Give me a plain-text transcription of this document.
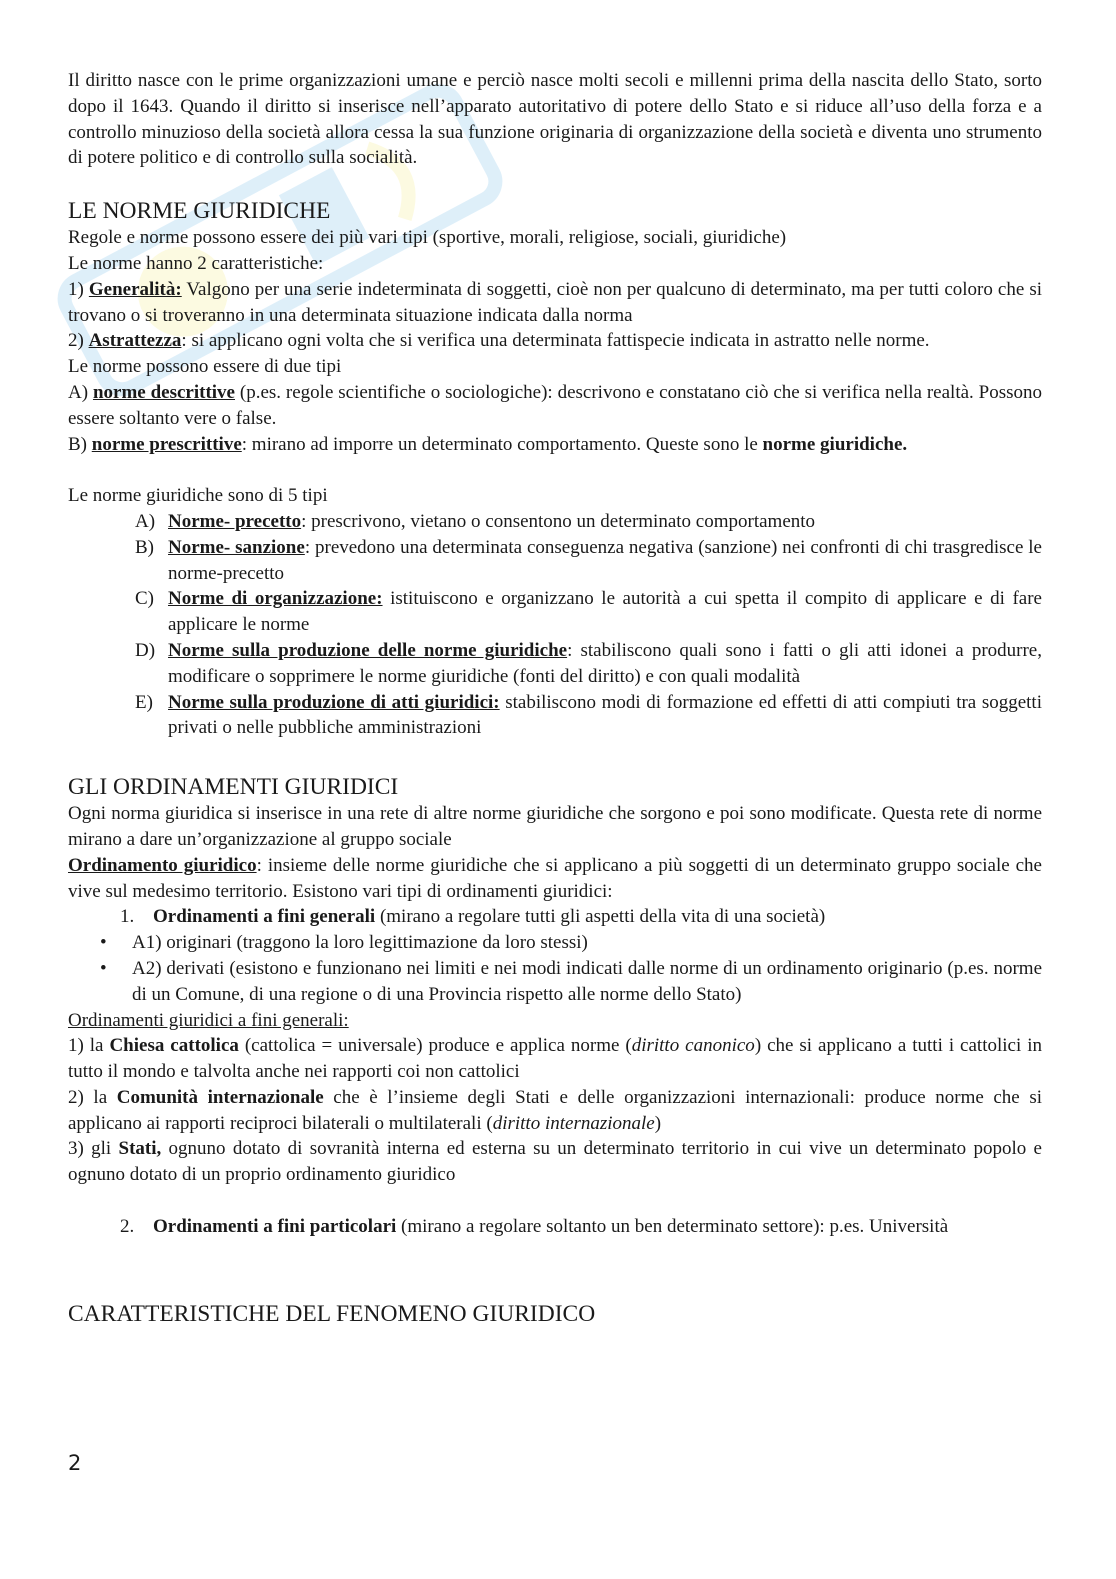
Il diritto nasce con le prime organizzazioni umane e perciò nasce molti secoli e millenni prima della nascita dello Stato, sorto dopo il 1643. Quando il diritto si inserisce nell’apparato autoritativo di potere dello Stato e si riduce all’uso della forza e a controllo minuzioso della società allora cessa la sua funzione originaria di organizzazione della società e diventa uno strumento di potere politico e di controllo sulla socialità.

LE NORME GIURIDICHE
Regole e norme possono essere dei più vari tipi (sportive, morali, religiose, sociali, giuridiche)
Le norme hanno 2 caratteristiche:
1) Generalità: Valgono per una serie indeterminata di soggetti, cioè non per qualcuno di determinato, ma per tutti coloro che si trovano o si troveranno in una determinata situazione indicata dalla norma
2) Astrattezza: si applicano ogni volta che si verifica una determinata fattispecie indicata in astratto nelle norme.
Le norme possono essere di due tipi
A) norme descrittive (p.es. regole scientifiche o sociologiche): descrivono e constatano ciò che si verifica nella realtà. Possono essere soltanto vere o false.
B) norme prescrittive: mirano ad imporre un determinato comportamento. Queste sono le norme giuridiche.
Le norme giuridiche sono di 5 tipi
A) Norme- precetto: prescrivono, vietano o consentono un determinato comportamento
B) Norme- sanzione: prevedono una determinata conseguenza negativa (sanzione) nei confronti di chi trasgredisce le norme-precetto
C) Norme di organizzazione: istituiscono e organizzano le autorità a cui spetta il compito di applicare e di fare applicare le norme
D) Norme sulla produzione delle norme giuridiche: stabiliscono quali sono i fatti o gli atti idonei a produrre, modificare o sopprimere le norme giuridiche (fonti del diritto) e con quali modalità
E) Norme sulla produzione di atti giuridici: stabiliscono modi di formazione ed effetti di atti compiuti tra soggetti privati o nelle pubbliche amministrazioni
GLI ORDINAMENTI GIURIDICI
Ogni norma giuridica si inserisce in una rete di altre norme giuridiche che sorgono e poi sono modificate. Questa rete di norme mirano a dare un’organizzazione al gruppo sociale
Ordinamento giuridico: insieme delle norme giuridiche che si applicano a più soggetti di un determinato gruppo sociale che vive sul medesimo territorio. Esistono vari tipi di ordinamenti giuridici:
1. Ordinamenti a fini generali (mirano a regolare tutti gli aspetti della vita di una società)
•	A1) originari (traggono la loro legittimazione da loro stessi)
•	A2) derivati (esistono e funzionano nei limiti e nei modi indicati dalle norme di un ordinamento originario (p.es. norme di un Comune, di una regione o di una Provincia rispetto alle norme dello Stato)
Ordinamenti giuridici a fini generali:
1) la Chiesa cattolica (cattolica = universale) produce e applica norme (diritto canonico) che si applicano a tutti i cattolici in tutto il mondo e talvolta anche nei rapporti coi non cattolici
2) la Comunità internazionale che è l’insieme degli Stati e delle organizzazioni internazionali: produce norme che si applicano ai rapporti reciproci bilaterali o multilaterali (diritto internazionale)
3) gli Stati, ognuno dotato di sovranità interna ed esterna su un determinato territorio in cui vive un determinato popolo e ognuno dotato di un proprio ordinamento giuridico
2. Ordinamenti a fini particolari (mirano a regolare soltanto un ben determinato settore): p.es. Università
CARATTERISTICHE DEL FENOMENO GIURIDICO
2
